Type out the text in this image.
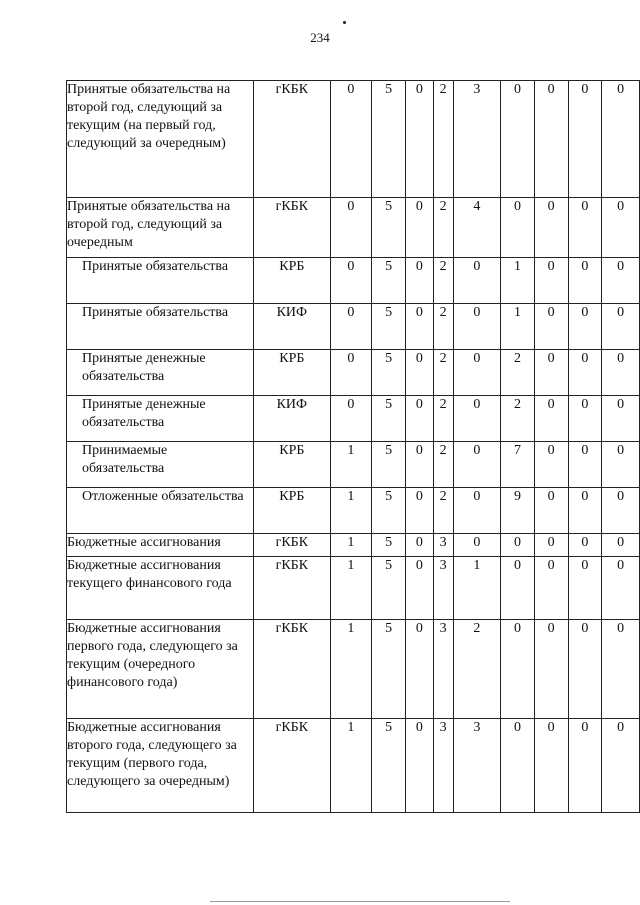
234
Принятые обязательства на второй год, следующий за текущим (на первый год, следующий за очередным)	гКБК	0	5	0	2	3	0	0	0	0
Принятые обязательства на второй год, следующий за очередным	гКБК	0	5	0	2	4	0	0	0	0
Принятые обязательства	КРБ	0	5	0	2	0	1	0	0	0
Принятые обязательства	КИФ	0	5	0	2	0	1	0	0	0
Принятые денежные обязательства	КРБ	0	5	0	2	0	2	0	0	0
Принятые денежные обязательства	КИФ	0	5	0	2	0	2	0	0	0
Принимаемые обязательства	КРБ	1	5	0	2	0	7	0	0	0
Отложенные обязательства	КРБ	1	5	0	2	0	9	0	0	0
Бюджетные ассигнования	гКБК	1	5	0	3	0	0	0	0	0
Бюджетные ассигнования текущего финансового года	гКБК	1	5	0	3	1	0	0	0	0
Бюджетные ассигнования первого года, следующего за текущим (очередного финансового года)	гКБК	1	5	0	3	2	0	0	0	0
Бюджетные ассигнования второго года, следующего за текущим (первого года, следующего за очередным)	гКБК	1	5	0	3	3	0	0	0	0
